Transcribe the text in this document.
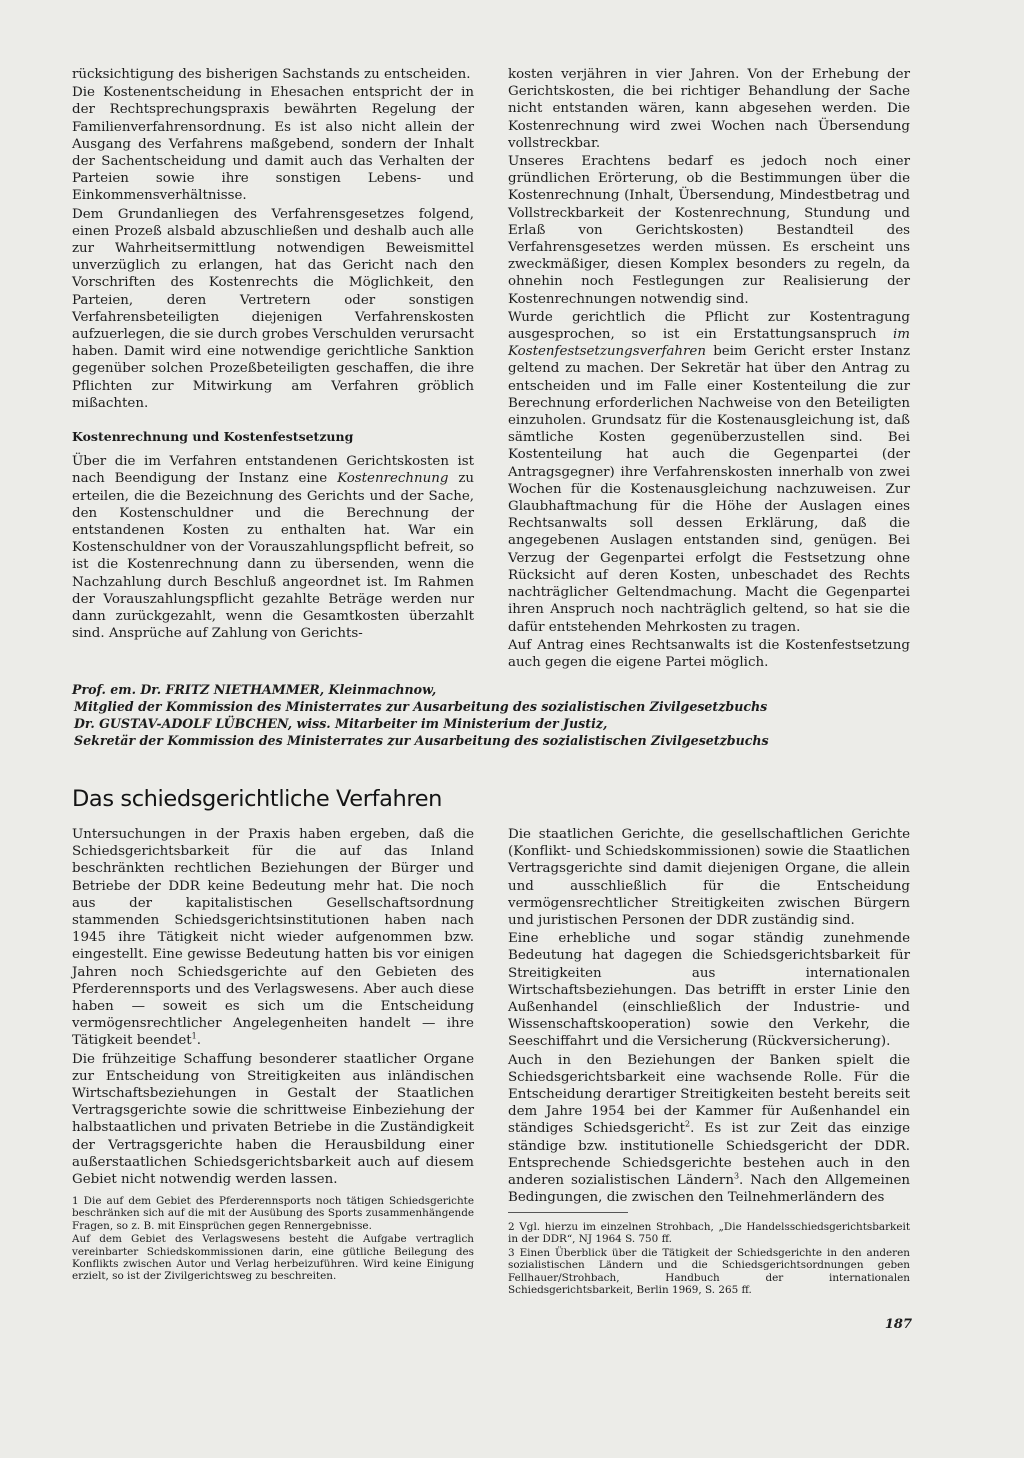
rücksichtigung des bisherigen Sachstands zu entscheiden.

Die Kostenentscheidung in Ehesachen entspricht der in der Rechtsprechungspraxis bewährten Regelung der Familienverfahrensordnung. Es ist also nicht allein der Ausgang des Verfahrens maßgebend, sondern der Inhalt der Sachentscheidung und damit auch das Verhalten der Parteien sowie ihre sonstigen Lebens- und Einkommensverhältnisse.

Dem Grundanliegen des Verfahrensgesetzes folgend, einen Prozeß alsbald abzuschließen und deshalb auch alle zur Wahrheitsermittlung notwendigen Beweismittel unverzüglich zu erlangen, hat das Gericht nach den Vorschriften des Kostenrechts die Möglichkeit, den Parteien, deren Vertretern oder sonstigen Verfahrensbeteiligten diejenigen Verfahrenskosten aufzuerlegen, die sie durch grobes Verschulden verursacht haben. Damit wird eine notwendige gerichtliche Sanktion gegenüber solchen Prozeßbeteiligten geschaffen, die ihre Pflichten zur Mitwirkung am Verfahren gröblich mißachten.

Kostenrechnung und Kostenfestsetzung

Über die im Verfahren entstandenen Gerichtskosten ist nach Beendigung der Instanz eine Kostenrechnung zu erteilen, die die Bezeichnung des Gerichts und der Sache, den Kostenschuldner und die Berechnung der entstandenen Kosten zu enthalten hat. War ein Kostenschuldner von der Vorauszahlungspflicht befreit, so ist die Kostenrechnung dann zu übersenden, wenn die Nachzahlung durch Beschluß angeordnet ist. Im Rahmen der Vorauszahlungspflicht gezahlte Beträge werden nur dann zurückgezahlt, wenn die Gesamtkosten überzahlt sind. Ansprüche auf Zahlung von Gerichts-

kosten verjähren in vier Jahren. Von der Erhebung der Gerichtskosten, die bei richtiger Behandlung der Sache nicht entstanden wären, kann abgesehen werden. Die Kostenrechnung wird zwei Wochen nach Übersendung vollstreckbar.

Unseres Erachtens bedarf es jedoch noch einer gründlichen Erörterung, ob die Bestimmungen über die Kostenrechnung (Inhalt, Übersendung, Mindestbetrag und Vollstreckbarkeit der Kostenrechnung, Stundung und Erlaß von Gerichtskosten) Bestandteil des Verfahrensgesetzes werden müssen. Es erscheint uns zweckmäßiger, diesen Komplex besonders zu regeln, da ohnehin noch Festlegungen zur Realisierung der Kostenrechnungen notwendig sind.

Wurde gerichtlich die Pflicht zur Kostentragung ausgesprochen, so ist ein Erstattungsanspruch im Kostenfestsetzungsverfahren beim Gericht erster Instanz geltend zu machen. Der Sekretär hat über den Antrag zu entscheiden und im Falle einer Kostenteilung die zur Berechnung erforderlichen Nachweise von den Beteiligten einzuholen. Grundsatz für die Kostenausgleichung ist, daß sämtliche Kosten gegenüberzustellen sind. Bei Kostenteilung hat auch die Gegenpartei (der Antragsgegner) ihre Verfahrenskosten innerhalb von zwei Wochen für die Kostenausgleichung nachzuweisen. Zur Glaubhaftmachung für die Höhe der Auslagen eines Rechtsanwalts soll dessen Erklärung, daß die angegebenen Auslagen entstanden sind, genügen. Bei Verzug der Gegenpartei erfolgt die Festsetzung ohne Rücksicht auf deren Kosten, unbeschadet des Rechts nachträglicher Geltendmachung. Macht die Gegenpartei ihren Anspruch noch nachträglich geltend, so hat sie die dafür entstehenden Mehrkosten zu tragen.

Auf Antrag eines Rechtsanwalts ist die Kostenfestsetzung auch gegen die eigene Partei möglich.

Prof. em. Dr. FRITZ NIETHAMMER, Kleinmachnow,
Mitglied der Kommission des Ministerrates zur Ausarbeitung des sozialistischen Zivilgesetzbuchs
Dr. GUSTAV-ADOLF LÜBCHEN, wiss. Mitarbeiter im Ministerium der Justiz,
Sekretär der Kommission des Ministerrates zur Ausarbeitung des sozialistischen Zivilgesetzbuchs
Das schiedsgerichtliche Verfahren

Untersuchungen in der Praxis haben ergeben, daß die Schiedsgerichtsbarkeit für die auf das Inland beschränkten rechtlichen Beziehungen der Bürger und Betriebe der DDR keine Bedeutung mehr hat. Die noch aus der kapitalistischen Gesellschaftsordnung stammenden Schiedsgerichtsinstitutionen haben nach 1945 ihre Tätigkeit nicht wieder aufgenommen bzw. eingestellt. Eine gewisse Bedeutung hatten bis vor einigen Jahren noch Schiedsgerichte auf den Gebieten des Pferderennsports und des Verlagswesens. Aber auch diese haben — soweit es sich um die Entscheidung vermögensrechtlicher Angelegenheiten handelt — ihre Tätigkeit beendet$^1$.

Die frühzeitige Schaffung besonderer staatlicher Organe zur Entscheidung von Streitigkeiten aus inländischen Wirtschaftsbeziehungen in Gestalt der Staatlichen Vertragsgerichte sowie die schrittweise Einbeziehung der halbstaatlichen und privaten Betriebe in die Zuständigkeit der Vertragsgerichte haben die Herausbildung einer außerstaatlichen Schiedsgerichtsbarkeit auch auf diesem Gebiet nicht notwendig werden lassen.

Die staatlichen Gerichte, die gesellschaftlichen Gerichte (Konflikt- und Schiedskommissionen) sowie die Staatlichen Vertragsgerichte sind damit diejenigen Organe, die allein und ausschließlich für die Entscheidung vermögensrechtlicher Streitigkeiten zwischen Bürgern und juristischen Personen der DDR zuständig sind.

Eine erhebliche und sogar ständig zunehmende Bedeutung hat dagegen die Schiedsgerichtsbarkeit für Streitigkeiten aus internationalen Wirtschaftsbeziehungen. Das betrifft in erster Linie den Außenhandel (einschließlich der Industrie- und Wissenschaftskooperation) sowie den Verkehr, die Seeschiffahrt und die Versicherung (Rückversicherung).

Auch in den Beziehungen der Banken spielt die Schiedsgerichtsbarkeit eine wachsende Rolle. Für die Entscheidung derartiger Streitigkeiten besteht bereits seit dem Jahre 1954 bei der Kammer für Außenhandel ein ständiges Schiedsgericht$^2$. Es ist zur Zeit das einzige ständige bzw. institutionelle Schiedsgericht der DDR. Entsprechende Schiedsgerichte bestehen auch in den anderen sozialistischen Ländern$^3$. Nach den Allgemeinen Bedingungen, die zwischen den Teilnehmerländern des

1 Die auf dem Gebiet des Pferderennsports noch tätigen Schiedsgerichte beschränken sich auf die mit der Ausübung des Sports zusammenhängende Fragen, so z. B. mit Einsprüchen gegen Rennergebnisse.

Auf dem Gebiet des Verlagswesens besteht die Aufgabe vertraglich vereinbarter Schiedskommissionen darin, eine gütliche Beilegung des Konflikts zwischen Autor und Verlag herbeizuführen. Wird keine Einigung erzielt, so ist der Zivilgerichtsweg zu beschreiten.

2 Vgl. hierzu im einzelnen Strohbach, „Die Handelsschiedsgerichtsbarkeit in der DDR“, NJ 1964 S. 750 ff.

3 Einen Überblick über die Tätigkeit der Schiedsgerichte in den anderen sozialistischen Ländern und die Schiedsgerichtsordnungen geben Fellhauer/Strohbach, Handbuch der internationalen Schiedsgerichtsbarkeit, Berlin 1969, S. 265 ff.

187
